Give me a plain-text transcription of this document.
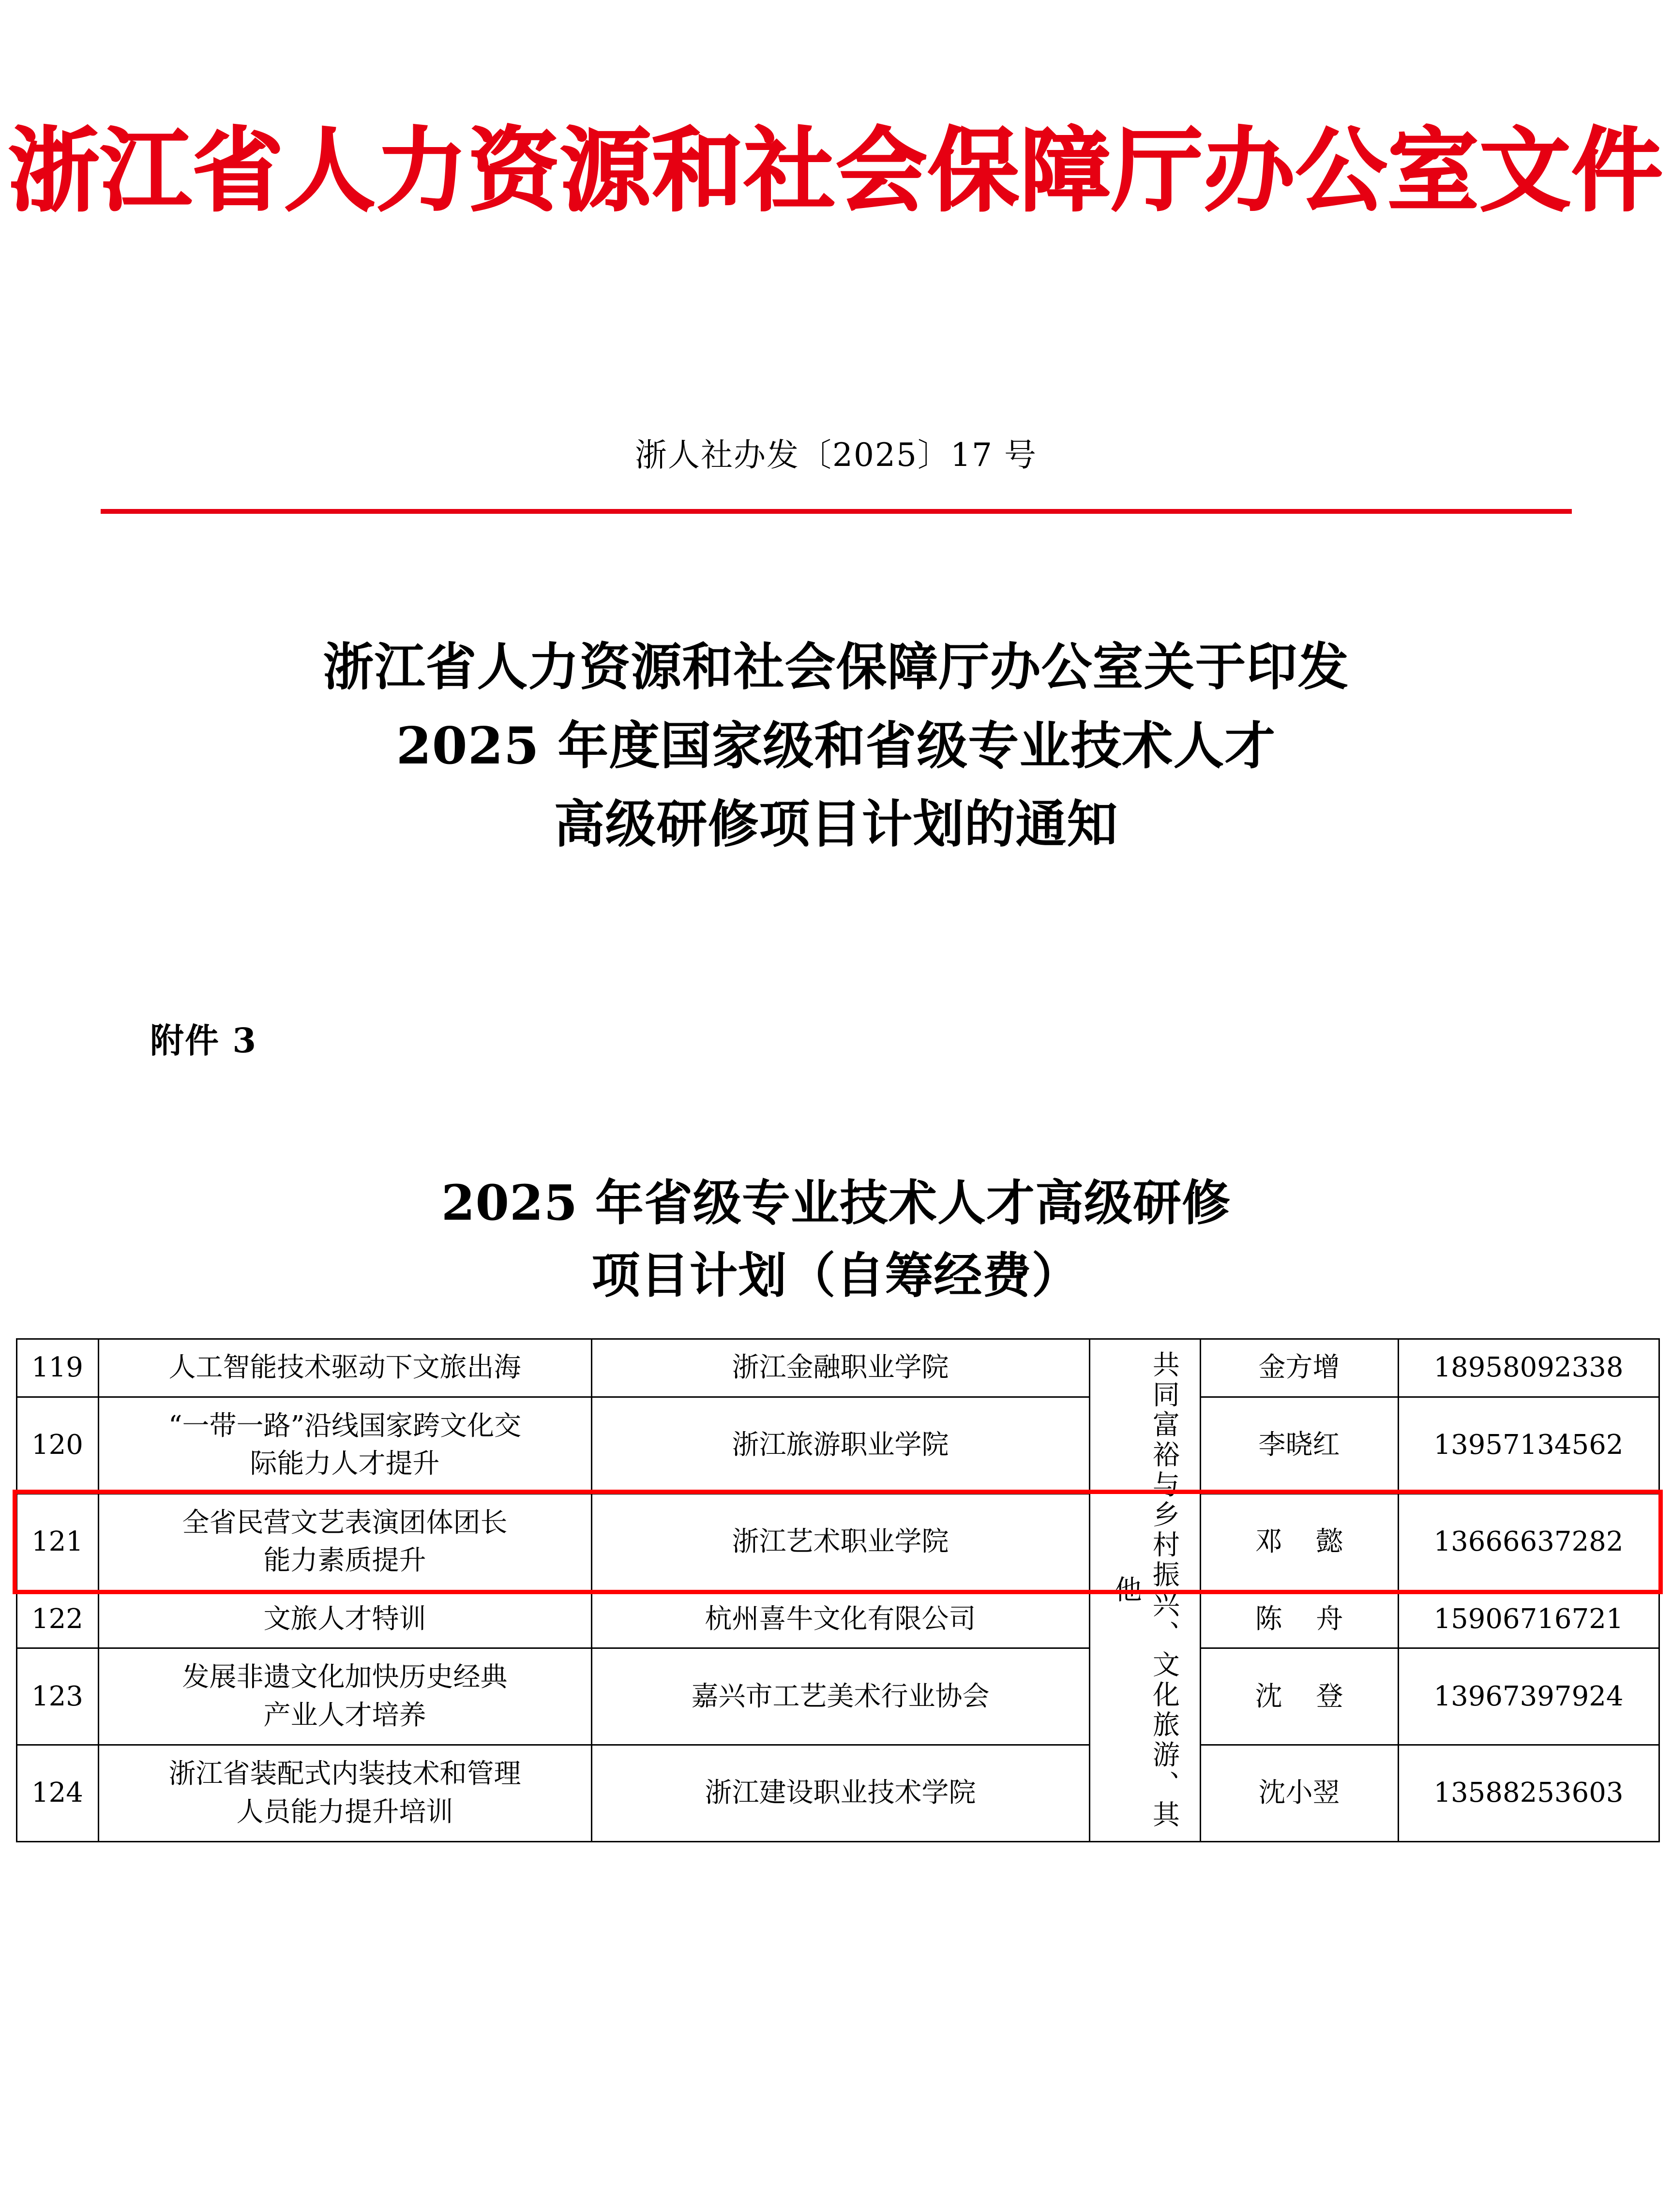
浙江省人力资源和社会保障厅办公室文件
浙人社办发〔2025〕17 号
浙江省人力资源和社会保障厅办公室关于印发
2025 年度国家级和省级专业技术人才
高级研修项目计划的通知
附件 3
2025 年省级专业技术人才高级研修
项目计划（自筹经费）
119	人工智能技术驱动下文旅出海	浙江金融职业学院	共同富裕与乡村振兴、文化旅游、其他	金方增	18958092338
120	“一带一路”沿线国家跨文化交
际能力人才提升	浙江旅游职业学院		李晓红	13957134562
121	全省民营文艺表演团体团长
能力素质提升	浙江艺术职业学院		邓 懿	13666637282
122	文旅人才特训	杭州喜牛文化有限公司		陈 舟	15906716721
123	发展非遗文化加快历史经典
产业人才培养	嘉兴市工艺美术行业协会		沈 登	13967397924
124	浙江省装配式内装技术和管理
人员能力提升培训	浙江建设职业技术学院		沈小翌	13588253603
